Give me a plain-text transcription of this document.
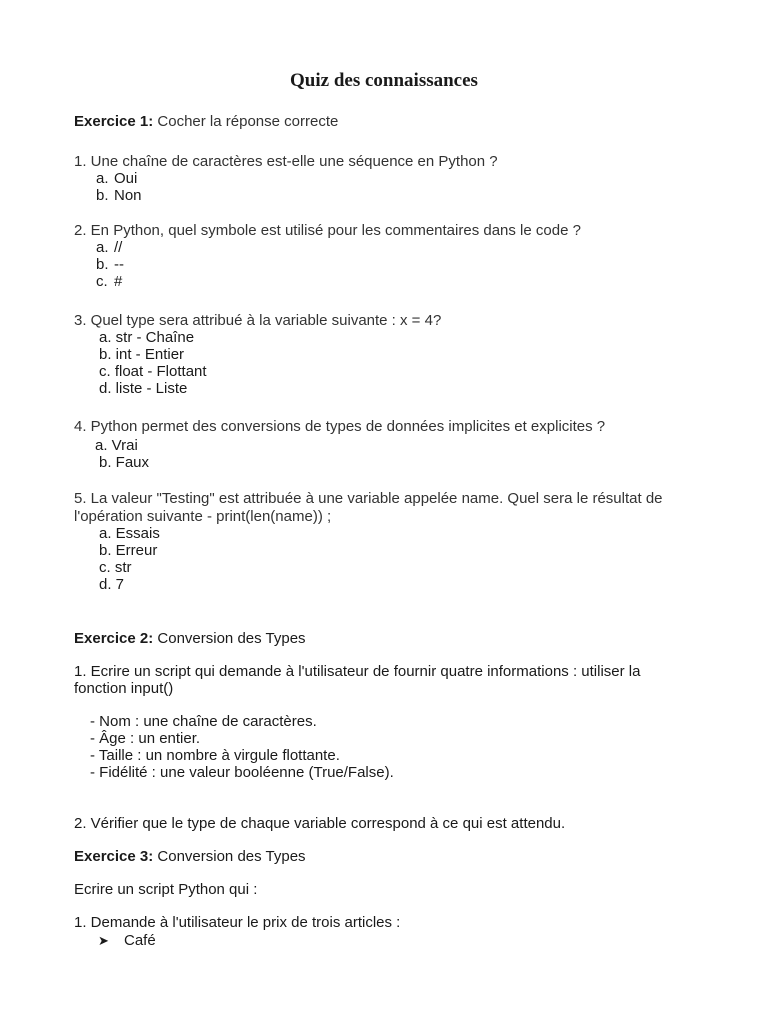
Quiz des connaissances
Exercice 1: Cocher la réponse correcte
1. Une chaîne de caractères est-elle une séquence en Python ?
a. Oui
b. Non
2. En Python, quel symbole est utilisé pour les commentaires dans le code ?
a. //
b. --
c. #
3. Quel type sera attribué à la variable suivante : x = 4?
a. str - Chaîne
b. int - Entier
c. float - Flottant
d. liste - Liste
4. Python permet des conversions de types de données implicites et explicites ?
a. Vrai
b. Faux
5. La valeur "Testing" est attribuée à une variable appelée name. Quel sera le résultat de
l'opération suivante - print(len(name)) ;
a. Essais
b. Erreur
c. str
d. 7
Exercice 2: Conversion des Types
1. Ecrire un script qui demande à l'utilisateur de fournir quatre informations : utiliser la
fonction input()
- Nom : une chaîne de caractères.
- Âge : un entier.
- Taille : un nombre à virgule flottante.
- Fidélité : une valeur booléenne (True/False).
2. Vérifier que le type de chaque variable correspond à ce qui est attendu.
Exercice 3: Conversion des Types
Ecrire un script Python qui :
1. Demande à l'utilisateur le prix de trois articles :
➤ Café
